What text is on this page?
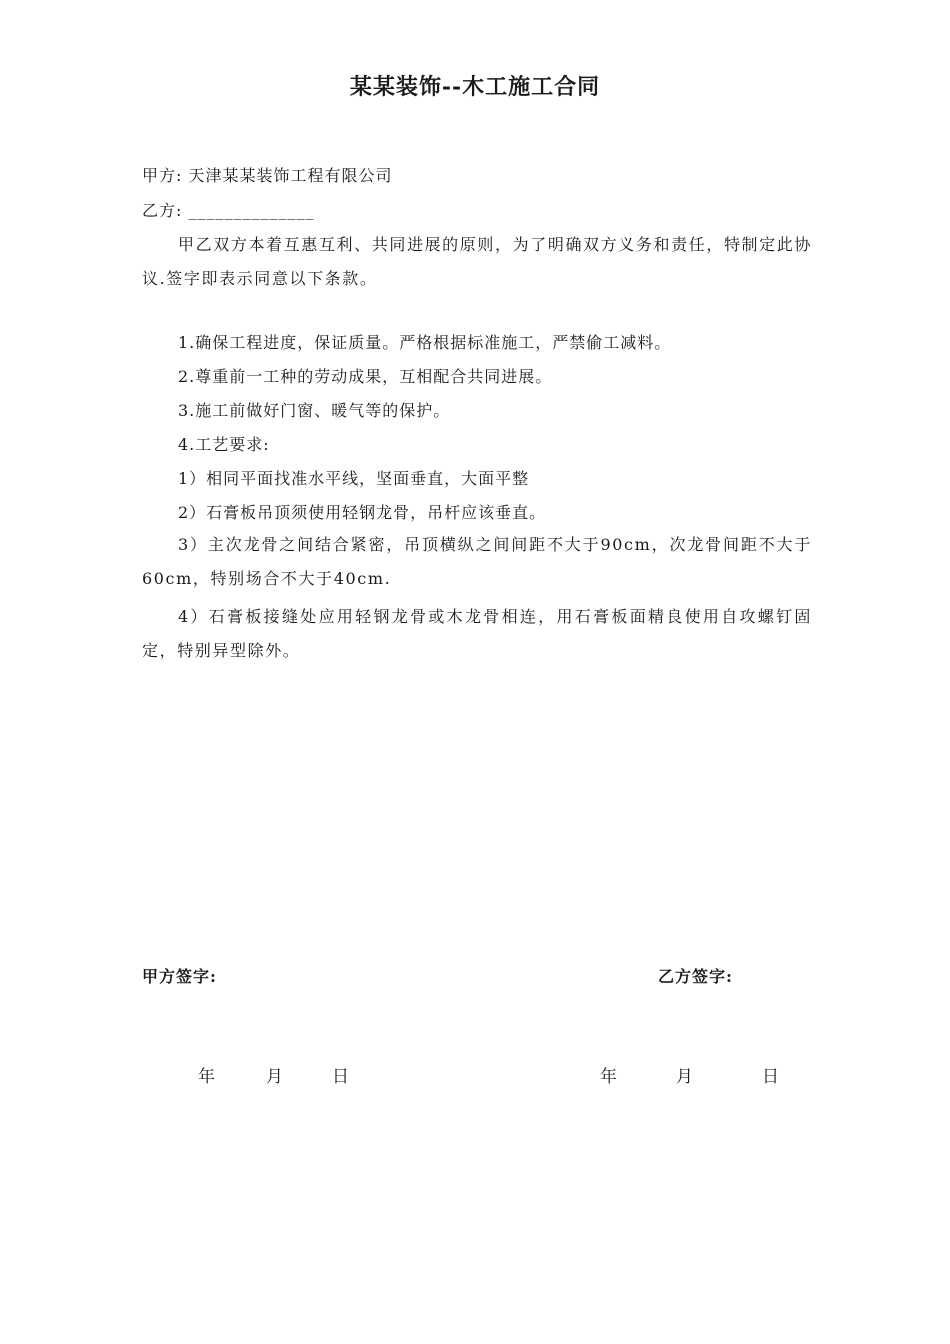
某某装饰--木工施工合同
甲方: 天津某某装饰工程有限公司
乙方: ______________
甲乙双方本着互惠互利、共同进展的原则，为了明确双方义务和责任，特制定此协议.签字即表示同意以下条款。
1.确保工程进度，保证质量。严格根据标准施工，严禁偷工减料。
2.尊重前一工种的劳动成果，互相配合共同进展。
3.施工前做好门窗、暖气等的保护。
4.工艺要求:
1）相同平面找准水平线，坚面垂直，大面平整
2）石膏板吊顶须使用轻钢龙骨，吊杆应该垂直。
3）主次龙骨之间结合紧密，吊顶横纵之间间距不大于90cm，次龙骨间距不大于60cm，特别场合不大于40cm.
4）石膏板接缝处应用轻钢龙骨或木龙骨相连，用石膏板面精良使用自攻螺钉固定，特别异型除外。
甲方签字:	乙方签字:
年	月	日	年	月	日
